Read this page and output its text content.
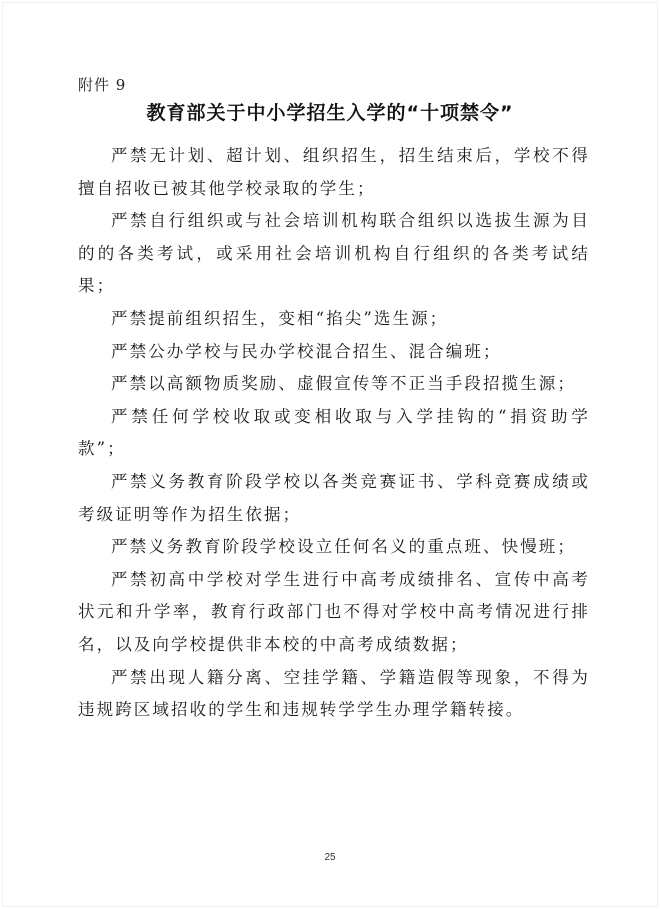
附件 9
教育部关于中小学招生入学的“十项禁令”

严禁无计划、超计划、组织招生，招生结束后，学校不得擅自招收已被其他学校录取的学生；

严禁自行组织或与社会培训机构联合组织以选拔生源为目的的各类考试，或采用社会培训机构自行组织的各类考试结果；

严禁提前组织招生，变相“掐尖”选生源；

严禁公办学校与民办学校混合招生、混合编班；

严禁以高额物质奖励、虚假宣传等不正当手段招揽生源；

严禁任何学校收取或变相收取与入学挂钩的“捐资助学款”；

严禁义务教育阶段学校以各类竞赛证书、学科竞赛成绩或考级证明等作为招生依据；

严禁义务教育阶段学校设立任何名义的重点班、快慢班；

严禁初高中学校对学生进行中高考成绩排名、宣传中高考状元和升学率，教育行政部门也不得对学校中高考情况进行排名，以及向学校提供非本校的中高考成绩数据；

严禁出现人籍分离、空挂学籍、学籍造假等现象，不得为违规跨区域招收的学生和违规转学学生办理学籍转接。

25
